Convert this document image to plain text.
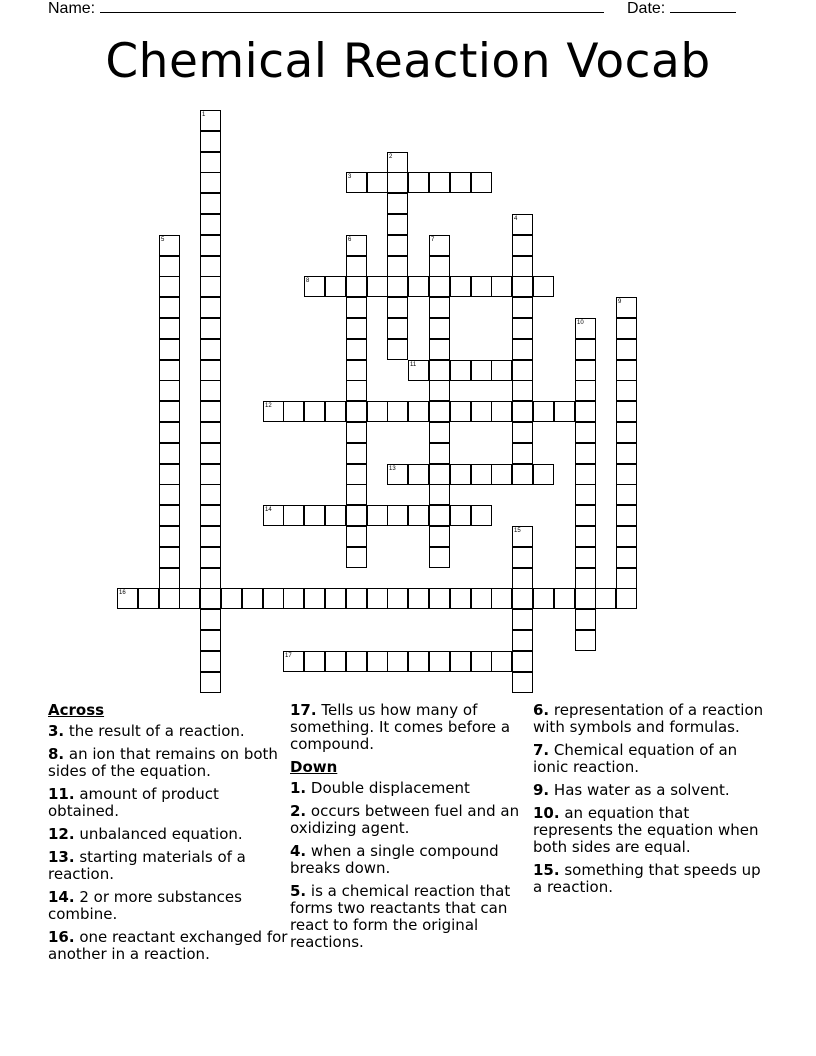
Name:	Date:
Chemical Reaction Vocab
1
2
3
4
5	6	7
8
9
10
11
12
13
14
15
16
17
Across
3. the result of a reaction.
8. an ion that remains on both sides of the equation.
11. amount of product obtained.
12. unbalanced equation.
13. starting materials of a reaction.
14. 2 or more substances combine.
16. one reactant exchanged for another in a reaction.
17. Tells us how many of something. It comes before a compound.
Down
1. Double displacement
2. occurs between fuel and an oxidizing agent.
4. when a single compound breaks down.
5. is a chemical reaction that forms two reactants that can react to form the original reactions.
6. representation of a reaction with symbols and formulas.
7. Chemical equation of an ionic reaction.
9. Has water as a solvent.
10. an equation that represents the equation when both sides are equal.
15. something that speeds up a reaction.
